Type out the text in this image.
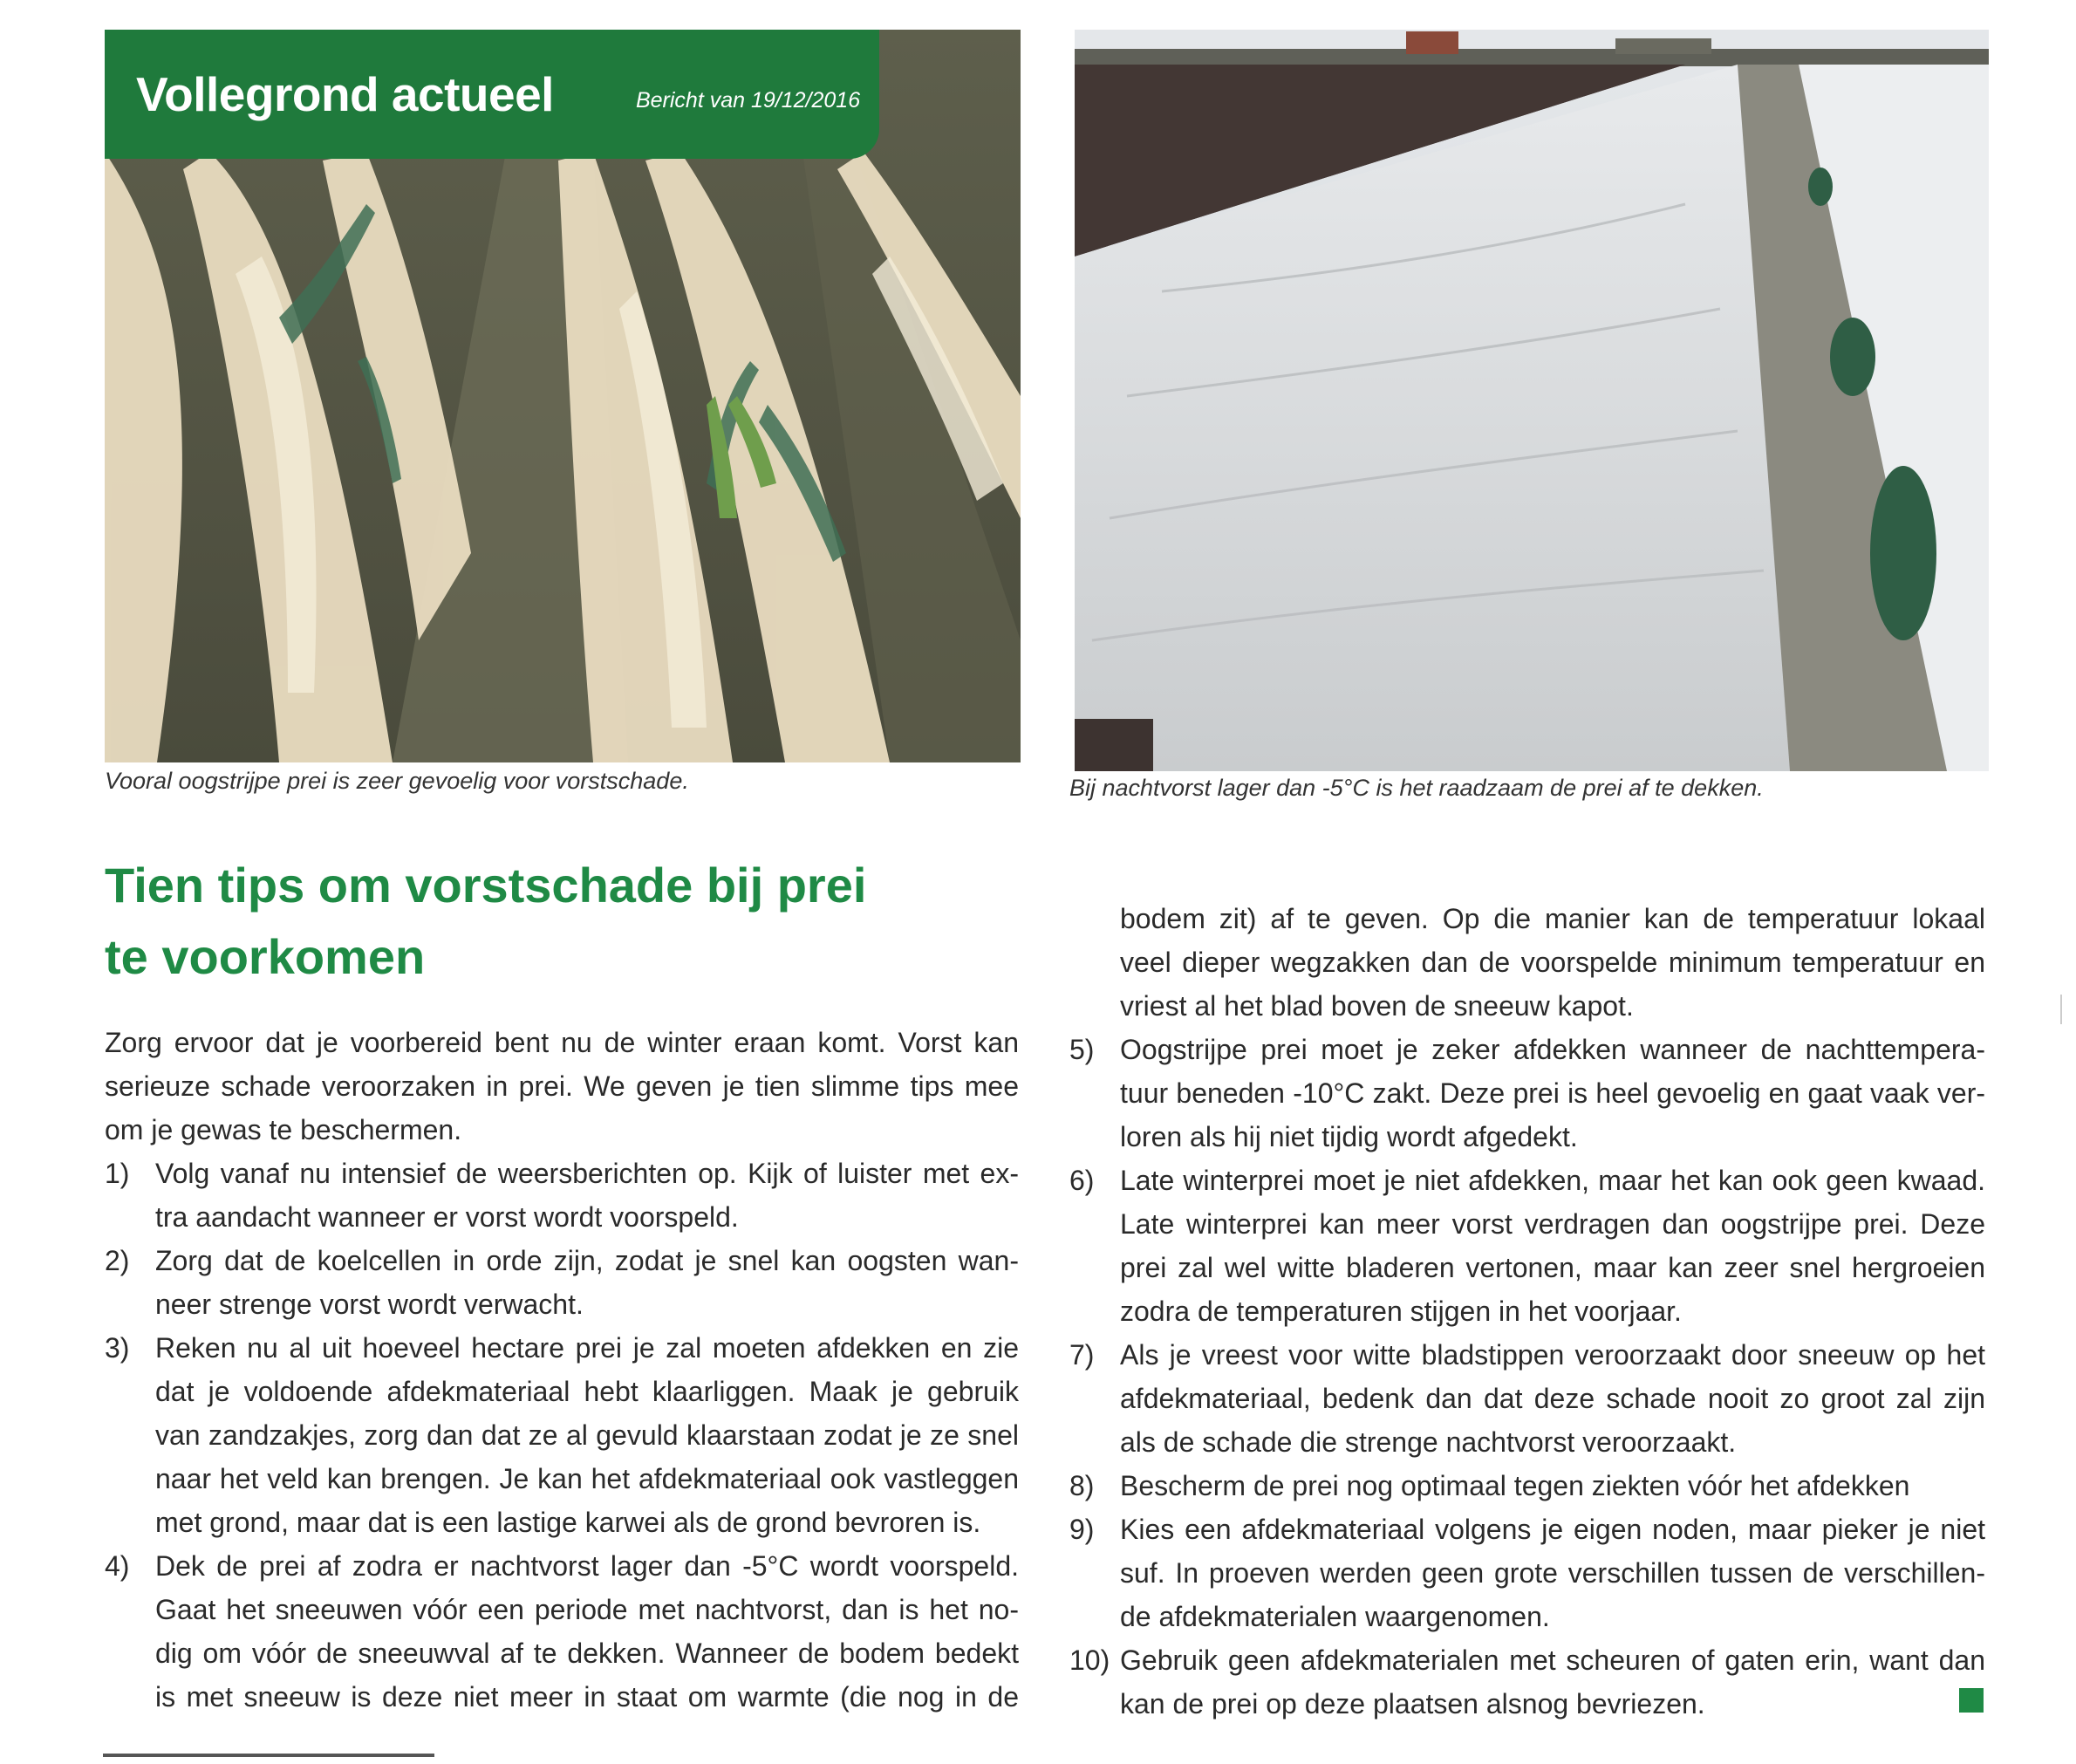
Vollegrond actueel	Bericht van 19/12/2016
Vooral oogstrijpe prei is zeer gevoelig voor vorstschade.	Bij nachtvorst lager dan -5°C is het raadzaam de prei af te dekken.
Tien tips om vorstschade bij prei
te voorkomen
Zorg ervoor dat je voorbereid bent nu de winter eraan komt. Vorst kan
serieuze schade veroorzaken in prei. We geven je tien slimme tips mee
om je gewas te beschermen.
1) Volg vanaf nu intensief de weersberichten op. Kijk of luister met ex-
tra aandacht wanneer er vorst wordt voorspeld.
2) Zorg dat de koelcellen in orde zijn, zodat je snel kan oogsten wan-
neer strenge vorst wordt verwacht.
3) Reken nu al uit hoeveel hectare prei je zal moeten afdekken en zie
dat je voldoende afdekmateriaal hebt klaarliggen. Maak je gebruik
van zandzakjes, zorg dan dat ze al gevuld klaarstaan zodat je ze snel
naar het veld kan brengen. Je kan het afdekmateriaal ook vastleggen
met grond, maar dat is een lastige karwei als de grond bevroren is.
4) Dek de prei af zodra er nachtvorst lager dan -5°C wordt voorspeld.
Gaat het sneeuwen vóór een periode met nachtvorst, dan is het no-
dig om vóór de sneeuwval af te dekken. Wanneer de bodem bedekt
is met sneeuw is deze niet meer in staat om warmte (die nog in de
bodem zit) af te geven. Op die manier kan de temperatuur lokaal
veel dieper wegzakken dan de voorspelde minimum temperatuur en
vriest al het blad boven de sneeuw kapot.
5) Oogstrijpe prei moet je zeker afdekken wanneer de nachttempera-
tuur beneden -10°C zakt. Deze prei is heel gevoelig en gaat vaak ver-
loren als hij niet tijdig wordt afgedekt.
6) Late winterprei moet je niet afdekken, maar het kan ook geen kwaad.
Late winterprei kan meer vorst verdragen dan oogstrijpe prei. Deze
prei zal wel witte bladeren vertonen, maar kan zeer snel hergroeien
zodra de temperaturen stijgen in het voorjaar.
7) Als je vreest voor witte bladstippen veroorzaakt door sneeuw op het
afdekmateriaal, bedenk dan dat deze schade nooit zo groot zal zijn
als de schade die strenge nachtvorst veroorzaakt.
8) Bescherm de prei nog optimaal tegen ziekten vóór het afdekken
9) Kies een afdekmateriaal volgens je eigen noden, maar pieker je niet
suf. In proeven werden geen grote verschillen tussen de verschillen-
de afdekmaterialen waargenomen.
10) Gebruik geen afdekmaterialen met scheuren of gaten erin, want dan
kan de prei op deze plaatsen alsnog bevriezen.
